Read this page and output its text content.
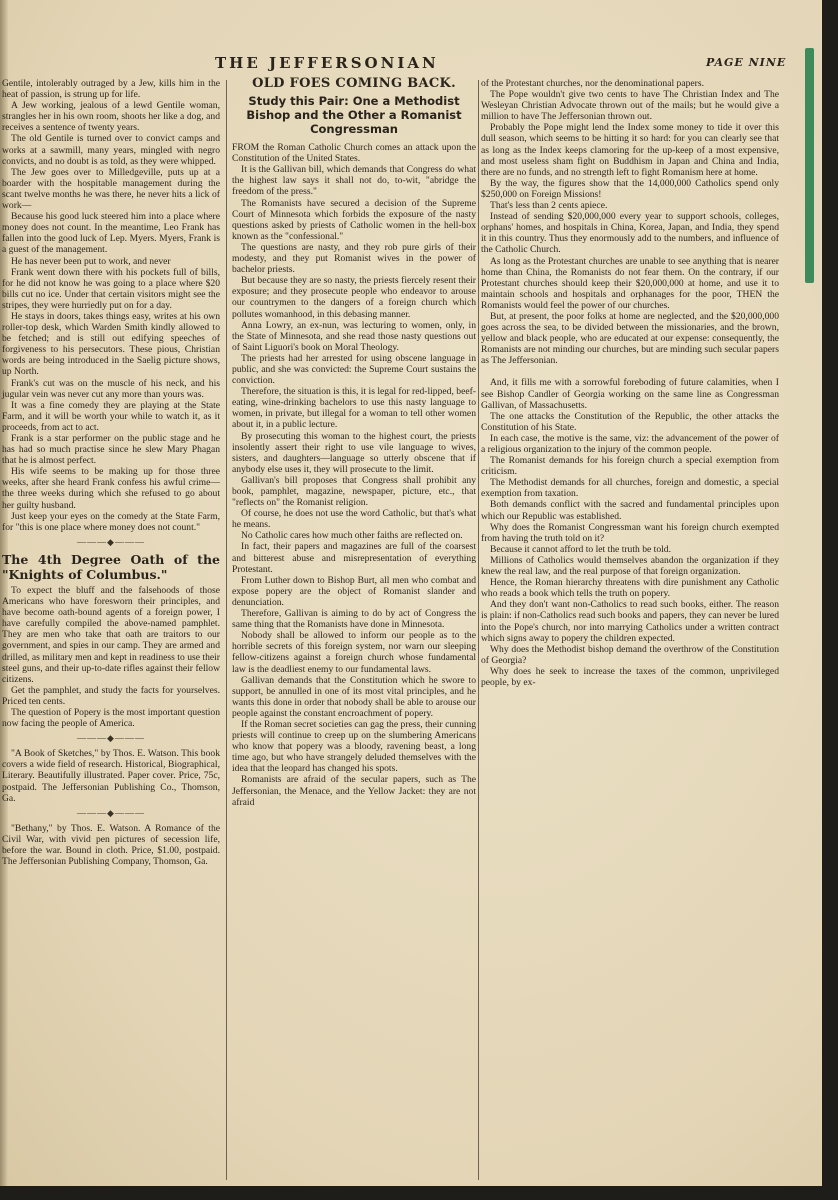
THE JEFFERSONIAN	PAGE NINE

Gentile, intolerably outraged by a Jew, kills him in the heat of passion, is strung up for life.

A Jew working, jealous of a lewd Gentile woman, strangles her in his own room, shoots her like a dog, and receives a sentence of twenty years.

The old Gentile is turned over to convict camps and works at a sawmill, many years, mingled with negro convicts, and no doubt is as told, as they were whipped.

The Jew goes over to Milledgeville, puts up at a boarder with the hospitable management during the scant twelve months he was there, he never hits a lick of work—

Because his good luck steered him into a place where money does not count. In the meantime, Leo Frank has fallen into the good luck of Lep. Myers. Myers, Frank is a guest of the management.

He has never been put to work, and never

Frank went down there with his pockets full of bills, for he did not know he was going to a place where $20 bills cut no ice. Under that certain visitors might see the stripes, they were hurriedly put on for a day.

He stays in doors, takes things easy, writes at his own roller-top desk, which Warden Smith kindly allowed to be fetched; and is still out edifying speeches of forgiveness to his persecutors. These pious, Christian words are being introduced in the Saelig picture shows, up North.

Frank's cut was on the muscle of his neck, and his jugular vein was never cut any more than yours was.

It was a fine comedy they are playing at the State Farm, and it will be worth your while to watch it, as it proceeds, from act to act.

Frank is a star performer on the public stage and he has had so much practise since he slew Mary Phagan that he is almost perfect.

His wife seems to be making up for those three weeks, after she heard Frank confess his awful crime—the three weeks during which she refused to go about her guilty husband.

Just keep your eyes on the comedy at the State Farm, for "this is one place where money does not count."

———◆———
The 4th Degree Oath of the "Knights of Columbus."

To expect the bluff and the falsehoods of those Americans who have foresworn their principles, and have become oath-bound agents of a foreign power, I have carefully compiled the above-named pamphlet. They are men who take that oath are traitors to our government, and spies in our camp. They are armed and drilled, as military men and kept in readiness to use their steel guns, and their up-to-date rifles against their fellow citizens.

Get the pamphlet, and study the facts for yourselves. Priced ten cents.

The question of Popery is the most important question now facing the people of America.

———◆———

"A Book of Sketches," by Thos. E. Watson. This book covers a wide field of research. Historical, Biographical, Literary. Beautifully illustrated. Paper cover. Price, 75c, postpaid. The Jeffersonian Publishing Co., Thomson, Ga.

———◆———

"Bethany," by Thos. E. Watson. A Romance of the Civil War, with vivid pen pictures of secession life, before the war. Bound in cloth. Price, $1.00, postpaid. The Jeffersonian Publishing Company, Thomson, Ga.

OLD FOES COMING BACK.
Study this Pair: One a Methodist Bishop and the Other a Romanist Congressman

FROM the Roman Catholic Church comes an attack upon the Constitution of the United States.

It is the Gallivan bill, which demands that Congress do what the highest law says it shall not do, to-wit, "abridge the freedom of the press."

The Romanists have secured a decision of the Supreme Court of Minnesota which forbids the exposure of the nasty questions asked by priests of Catholic women in the hell-box known as the "confessional."

The questions are nasty, and they rob pure girls of their modesty, and they put Romanist wives in the power of bachelor priests.

But because they are so nasty, the priests fiercely resent their exposure; and they prosecute people who endeavor to arouse our countrymen to the dangers of a foreign church which pollutes womanhood, in this debasing manner.

Anna Lowry, an ex-nun, was lecturing to women, only, in the State of Minnesota, and she read those nasty questions out of Saint Liguori's book on Moral Theology.

The priests had her arrested for using obscene language in public, and she was convicted: the Supreme Court sustains the conviction.

Therefore, the situation is this, it is legal for red-lipped, beef-eating, wine-drinking bachelors to use this nasty language to women, in private, but illegal for a woman to tell other women about it, in a public lecture.

By prosecuting this woman to the highest court, the priests insolently assert their right to use vile language to wives, sisters, and daughters—language so utterly obscene that if anybody else uses it, they will prosecute to the limit.

Gallivan's bill proposes that Congress shall prohibit any book, pamphlet, magazine, newspaper, picture, etc., that "reflects on" the Romanist religion.

Of course, he does not use the word Catholic, but that's what he means.

No Catholic cares how much other faiths are reflected on.

In fact, their papers and magazines are full of the coarsest and bitterest abuse and misrepresentation of everything Protestant.

From Luther down to Bishop Burt, all men who combat and expose popery are the object of Romanist slander and denunciation.

Therefore, Gallivan is aiming to do by act of Congress the same thing that the Romanists have done in Minnesota.

Nobody shall be allowed to inform our people as to the horrible secrets of this foreign system, nor warn our sleeping fellow-citizens against a foreign church whose fundamental law is the deadliest enemy to our fundamental laws.

Gallivan demands that the Constitution which he swore to support, be annulled in one of its most vital principles, and he wants this done in order that nobody shall be able to arouse our people against the constant encroachment of popery.

If the Roman secret societies can gag the press, their cunning priests will continue to creep up on the slumbering Americans who know that popery was a bloody, ravening beast, a long time ago, but who have strangely deluded themselves with the idea that the leopard has changed his spots.

Romanists are afraid of the secular papers, such as The Jeffersonian, the Menace, and the Yellow Jacket: they are not afraid

of the Protestant churches, nor the denominational papers.

The Pope wouldn't give two cents to have The Christian Index and The Wesleyan Christian Advocate thrown out of the mails; but he would give a million to have The Jeffersonian thrown out.

Probably the Pope might lend the Index some money to tide it over this dull season, which seems to be hitting it so hard: for you can clearly see that as long as the Index keeps clamoring for the up-keep of a most expensive, and most useless sham fight on Buddhism in Japan and China and India, there are no funds, and no strength left to fight Romanism here at home.

By the way, the figures show that the 14,000,000 Catholics spend only $250,000 on Foreign Missions!

That's less than 2 cents apiece.

Instead of sending $20,000,000 every year to support schools, colleges, orphans' homes, and hospitals in China, Korea, Japan, and India, they spend it in this country. Thus they enormously add to the numbers, and influence of the Catholic Church.

As long as the Protestant churches are unable to see anything that is nearer home than China, the Romanists do not fear them. On the contrary, if our Protestant churches should keep their $20,000,000 at home, and use it to maintain schools and hospitals and orphanages for the poor, THEN the Romanists would feel the power of our churches.

But, at present, the poor folks at home are neglected, and the $20,000,000 goes across the sea, to be divided between the missionaries, and the brown, yellow and black people, who are educated at our expense: consequently, the Romanists are not minding our churches, but are minding such secular papers as The Jeffersonian.

And, it fills me with a sorrowful foreboding of future calamities, when I see Bishop Candler of Georgia working on the same line as Congressman Gallivan, of Massachusetts.

The one attacks the Constitution of the Republic, the other attacks the Constitution of his State.

In each case, the motive is the same, viz: the advancement of the power of a religious organization to the injury of the common people.

The Romanist demands for his foreign church a special exemption from criticism.

The Methodist demands for all churches, foreign and domestic, a special exemption from taxation.

Both demands conflict with the sacred and fundamental principles upon which our Republic was established.

Why does the Romanist Congressman want his foreign church exempted from having the truth told on it?

Because it cannot afford to let the truth be told.

Millions of Catholics would themselves abandon the organization if they knew the real law, and the real purpose of that foreign organization.

Hence, the Roman hierarchy threatens with dire punishment any Catholic who reads a book which tells the truth on popery.

And they don't want non-Catholics to read such books, either. The reason is plain: if non-Catholics read such books and papers, they can never be lured into the Pope's church, nor into marrying Catholics under a written contract which signs away to popery the children expected.

Why does the Methodist bishop demand the overthrow of the Constitution of Georgia?

Why does he seek to increase the taxes of the common, unprivileged people, by ex-
